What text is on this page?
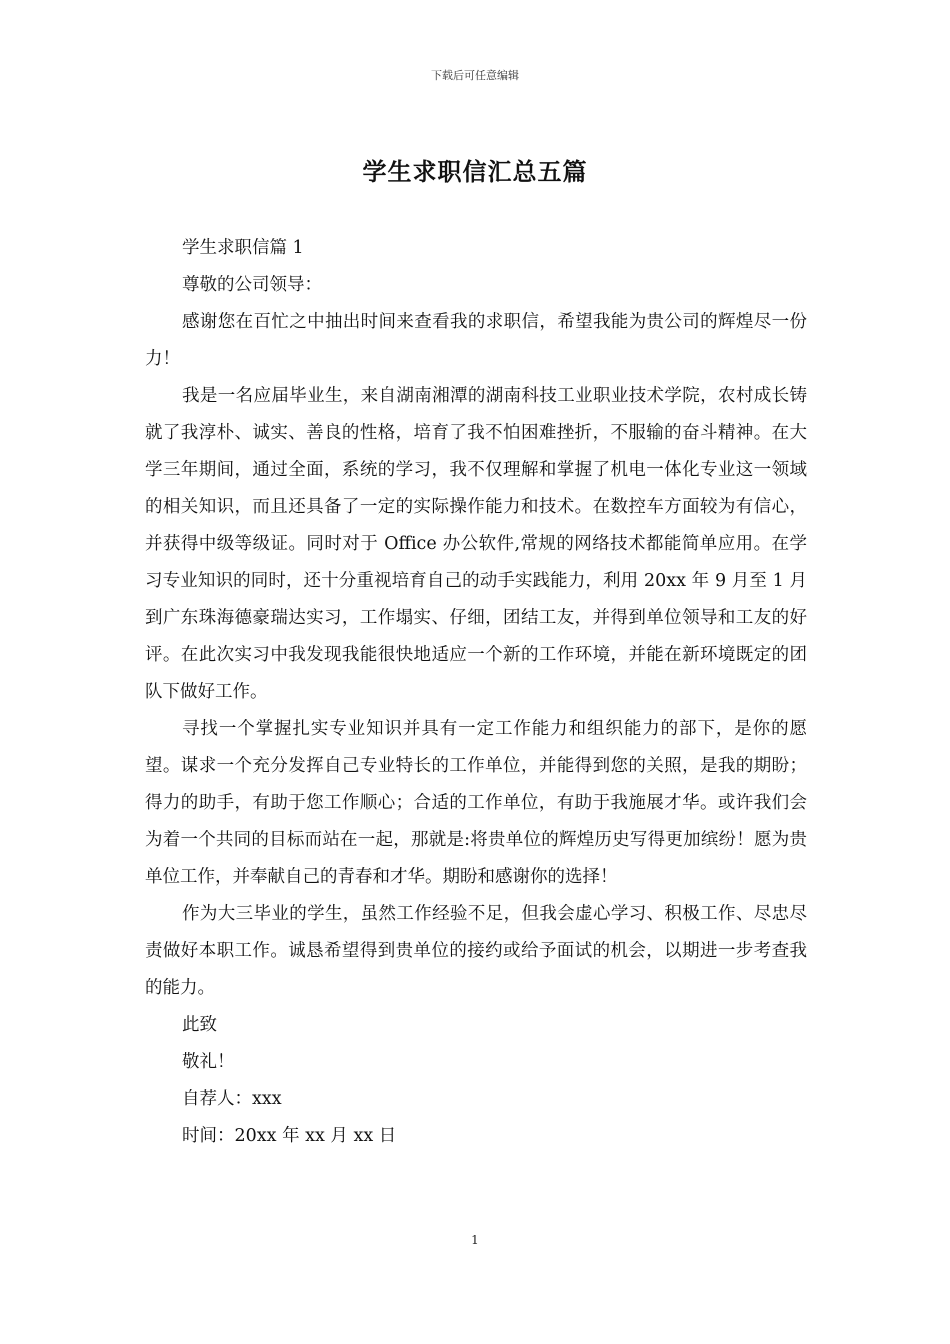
下载后可任意编辑
学生求职信汇总五篇

学生求职信篇 1

尊敬的公司领导：

感谢您在百忙之中抽出时间来查看我的求职信，希望我能为贵公司的辉煌尽一份力！

我是一名应届毕业生，来自湖南湘潭的湖南科技工业职业技术学院，农村成长铸就了我淳朴、诚实、善良的性格，培育了我不怕困难挫折，不服输的奋斗精神。在大学三年期间，通过全面，系统的学习，我不仅理解和掌握了机电一体化专业这一领域的相关知识，而且还具备了一定的实际操作能力和技术。在数控车方面较为有信心，并获得中级等级证。同时对于 Office 办公软件,常规的网络技术都能简单应用。在学习专业知识的同时，还十分重视培育自己的动手实践能力，利用 20xx 年 9 月至 1 月到广东珠海德豪瑞达实习，工作塌实、仔细，团结工友，并得到单位领导和工友的好评。在此次实习中我发现我能很快地适应一个新的工作环境，并能在新环境既定的团队下做好工作。

寻找一个掌握扎实专业知识并具有一定工作能力和组织能力的部下，是你的愿望。谋求一个充分发挥自己专业特长的工作单位，并能得到您的关照，是我的期盼；得力的助手，有助于您工作顺心；合适的工作单位，有助于我施展才华。或许我们会为着一个共同的目标而站在一起，那就是:将贵单位的辉煌历史写得更加缤纷！愿为贵单位工作，并奉献自己的青春和才华。期盼和感谢你的选择！

作为大三毕业的学生，虽然工作经验不足，但我会虚心学习、积极工作、尽忠尽责做好本职工作。诚恳希望得到贵单位的接约或给予面试的机会，以期进一步考查我的能力。

此致

敬礼！

自荐人：xxx

时间：20xx 年 xx 月 xx 日

1
